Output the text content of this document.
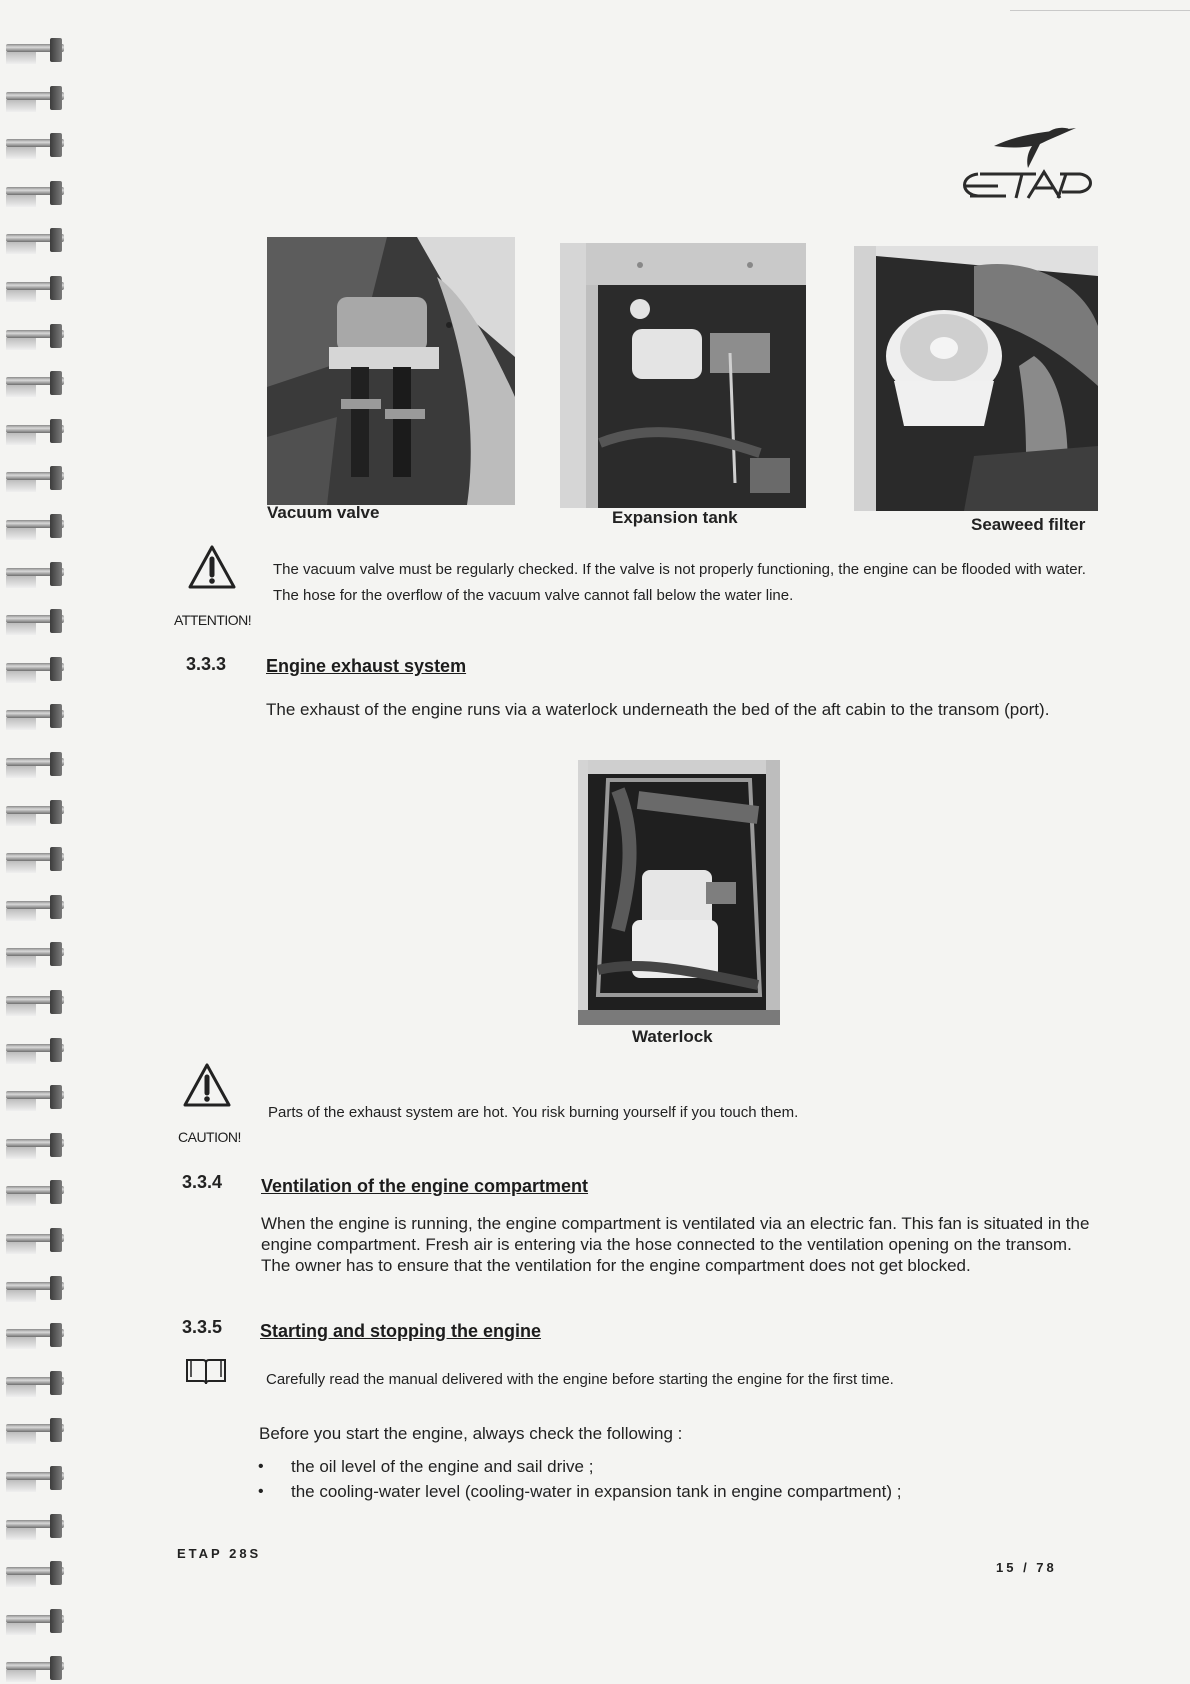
Vacuum valve	Expansion tank	Seaweed filter
ATTENTION!
The vacuum valve must be regularly checked. If the valve is not properly functioning, the engine can be flooded with water.
The hose for the overflow of the vacuum valve cannot fall below the water line.
3.3.3 Engine exhaust system
The exhaust of the engine runs via a waterlock underneath the bed of the aft cabin to the transom (port).
Waterlock
CAUTION!
Parts of the exhaust system are hot. You risk burning yourself if you touch them.
3.3.4 Ventilation of the engine compartment

When the engine is running, the engine compartment is ventilated via an electric fan. This fan is situated in the engine compartment. Fresh air is entering via the hose connected to the ventilation opening on the transom.

The owner has to ensure that the ventilation for the engine compartment does not get blocked.

3.3.5 Starting and stopping the engine
Carefully read the manual delivered with the engine before starting the engine for the first time.
Before you start the engine, always check the following :
• the oil level of the engine and sail drive ;
• the cooling-water level (cooling-water in expansion tank in engine compartment) ;
ETAP 28S
15 / 78
